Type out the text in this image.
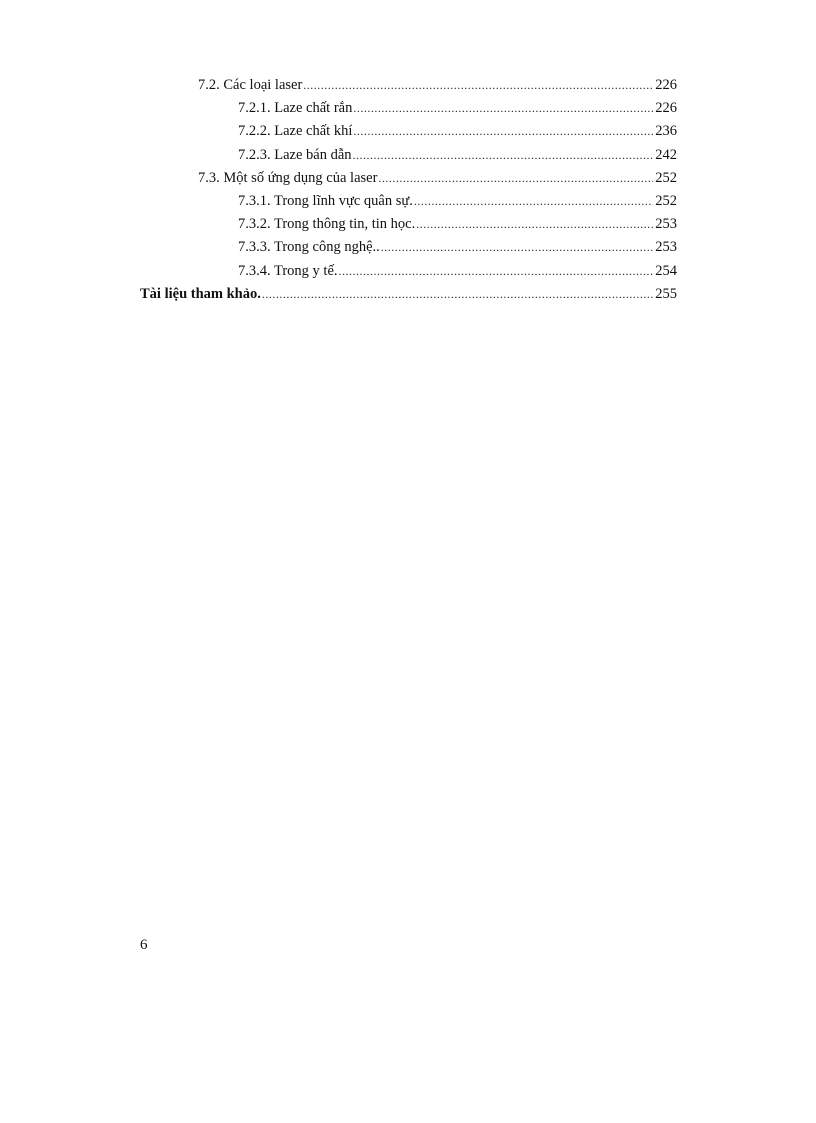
7.2. Các loại laser .....	226
7.2.1. Laze chất rắn .....	226
7.2.2. Laze chất khí .....	236
7.2.3. Laze bán dẫn .....	242
7.3. Một số ứng dụng của laser .....	252
7.3.1. Trong lĩnh vực quân sự. .....	252
7.3.2. Trong thông tin, tin học. .....	253
7.3.3. Trong công nghệ.. .....	253
7.3.4. Trong y tế. .....	254
Tài liệu tham khảo. .....	255
6
